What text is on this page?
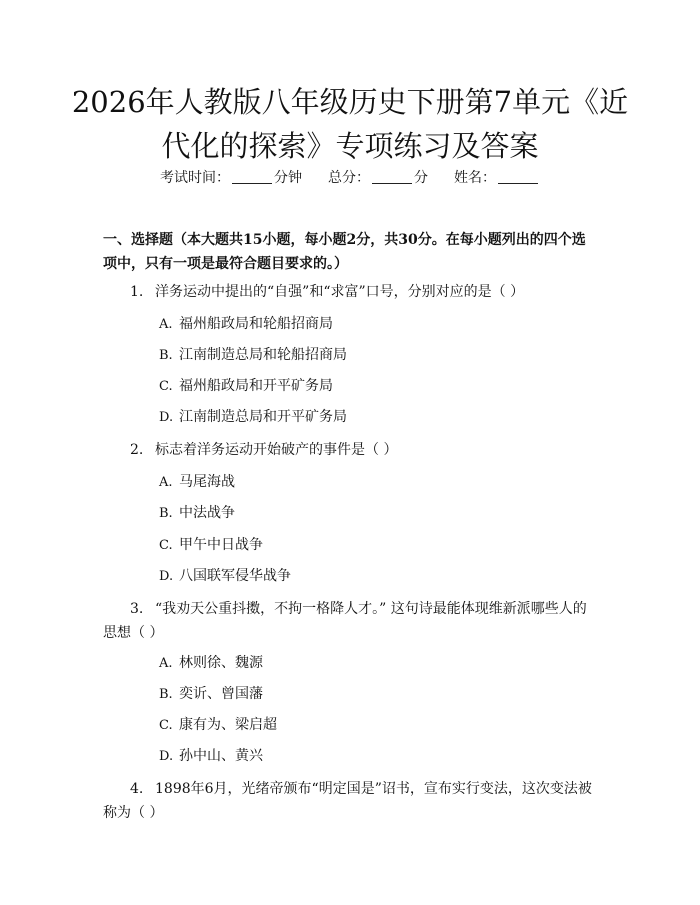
2026年人教版八年级历史下册第7单元《近代化的探索》专项练习及答案
考试时间：	分钟 总分：	分 姓名：
一、选择题（本大题共15小题，每小题2分，共30分。在每小题列出的四个选项中，只有一项是最符合题目要求的。）
1. 洋务运动中提出的“自强”和“求富”口号，分别对应的是（ ）
A. 福州船政局和轮船招商局
B. 江南制造总局和轮船招商局
C. 福州船政局和开平矿务局
D. 江南制造总局和开平矿务局
2. 标志着洋务运动开始破产的事件是（ ）
A. 马尾海战
B. 中法战争
C. 甲午中日战争
D. 八国联军侵华战争
3. “我劝天公重抖擞，不拘一格降人才。” 这句诗最能体现维新派哪些人的思想（ ）
A. 林则徐、魏源
B. 奕䜣、曾国藩
C. 康有为、梁启超
D. 孙中山、黄兴
4. 1898年6月，光绪帝颁布“明定国是”诏书，宣布实行变法，这次变法被称为（ ）
